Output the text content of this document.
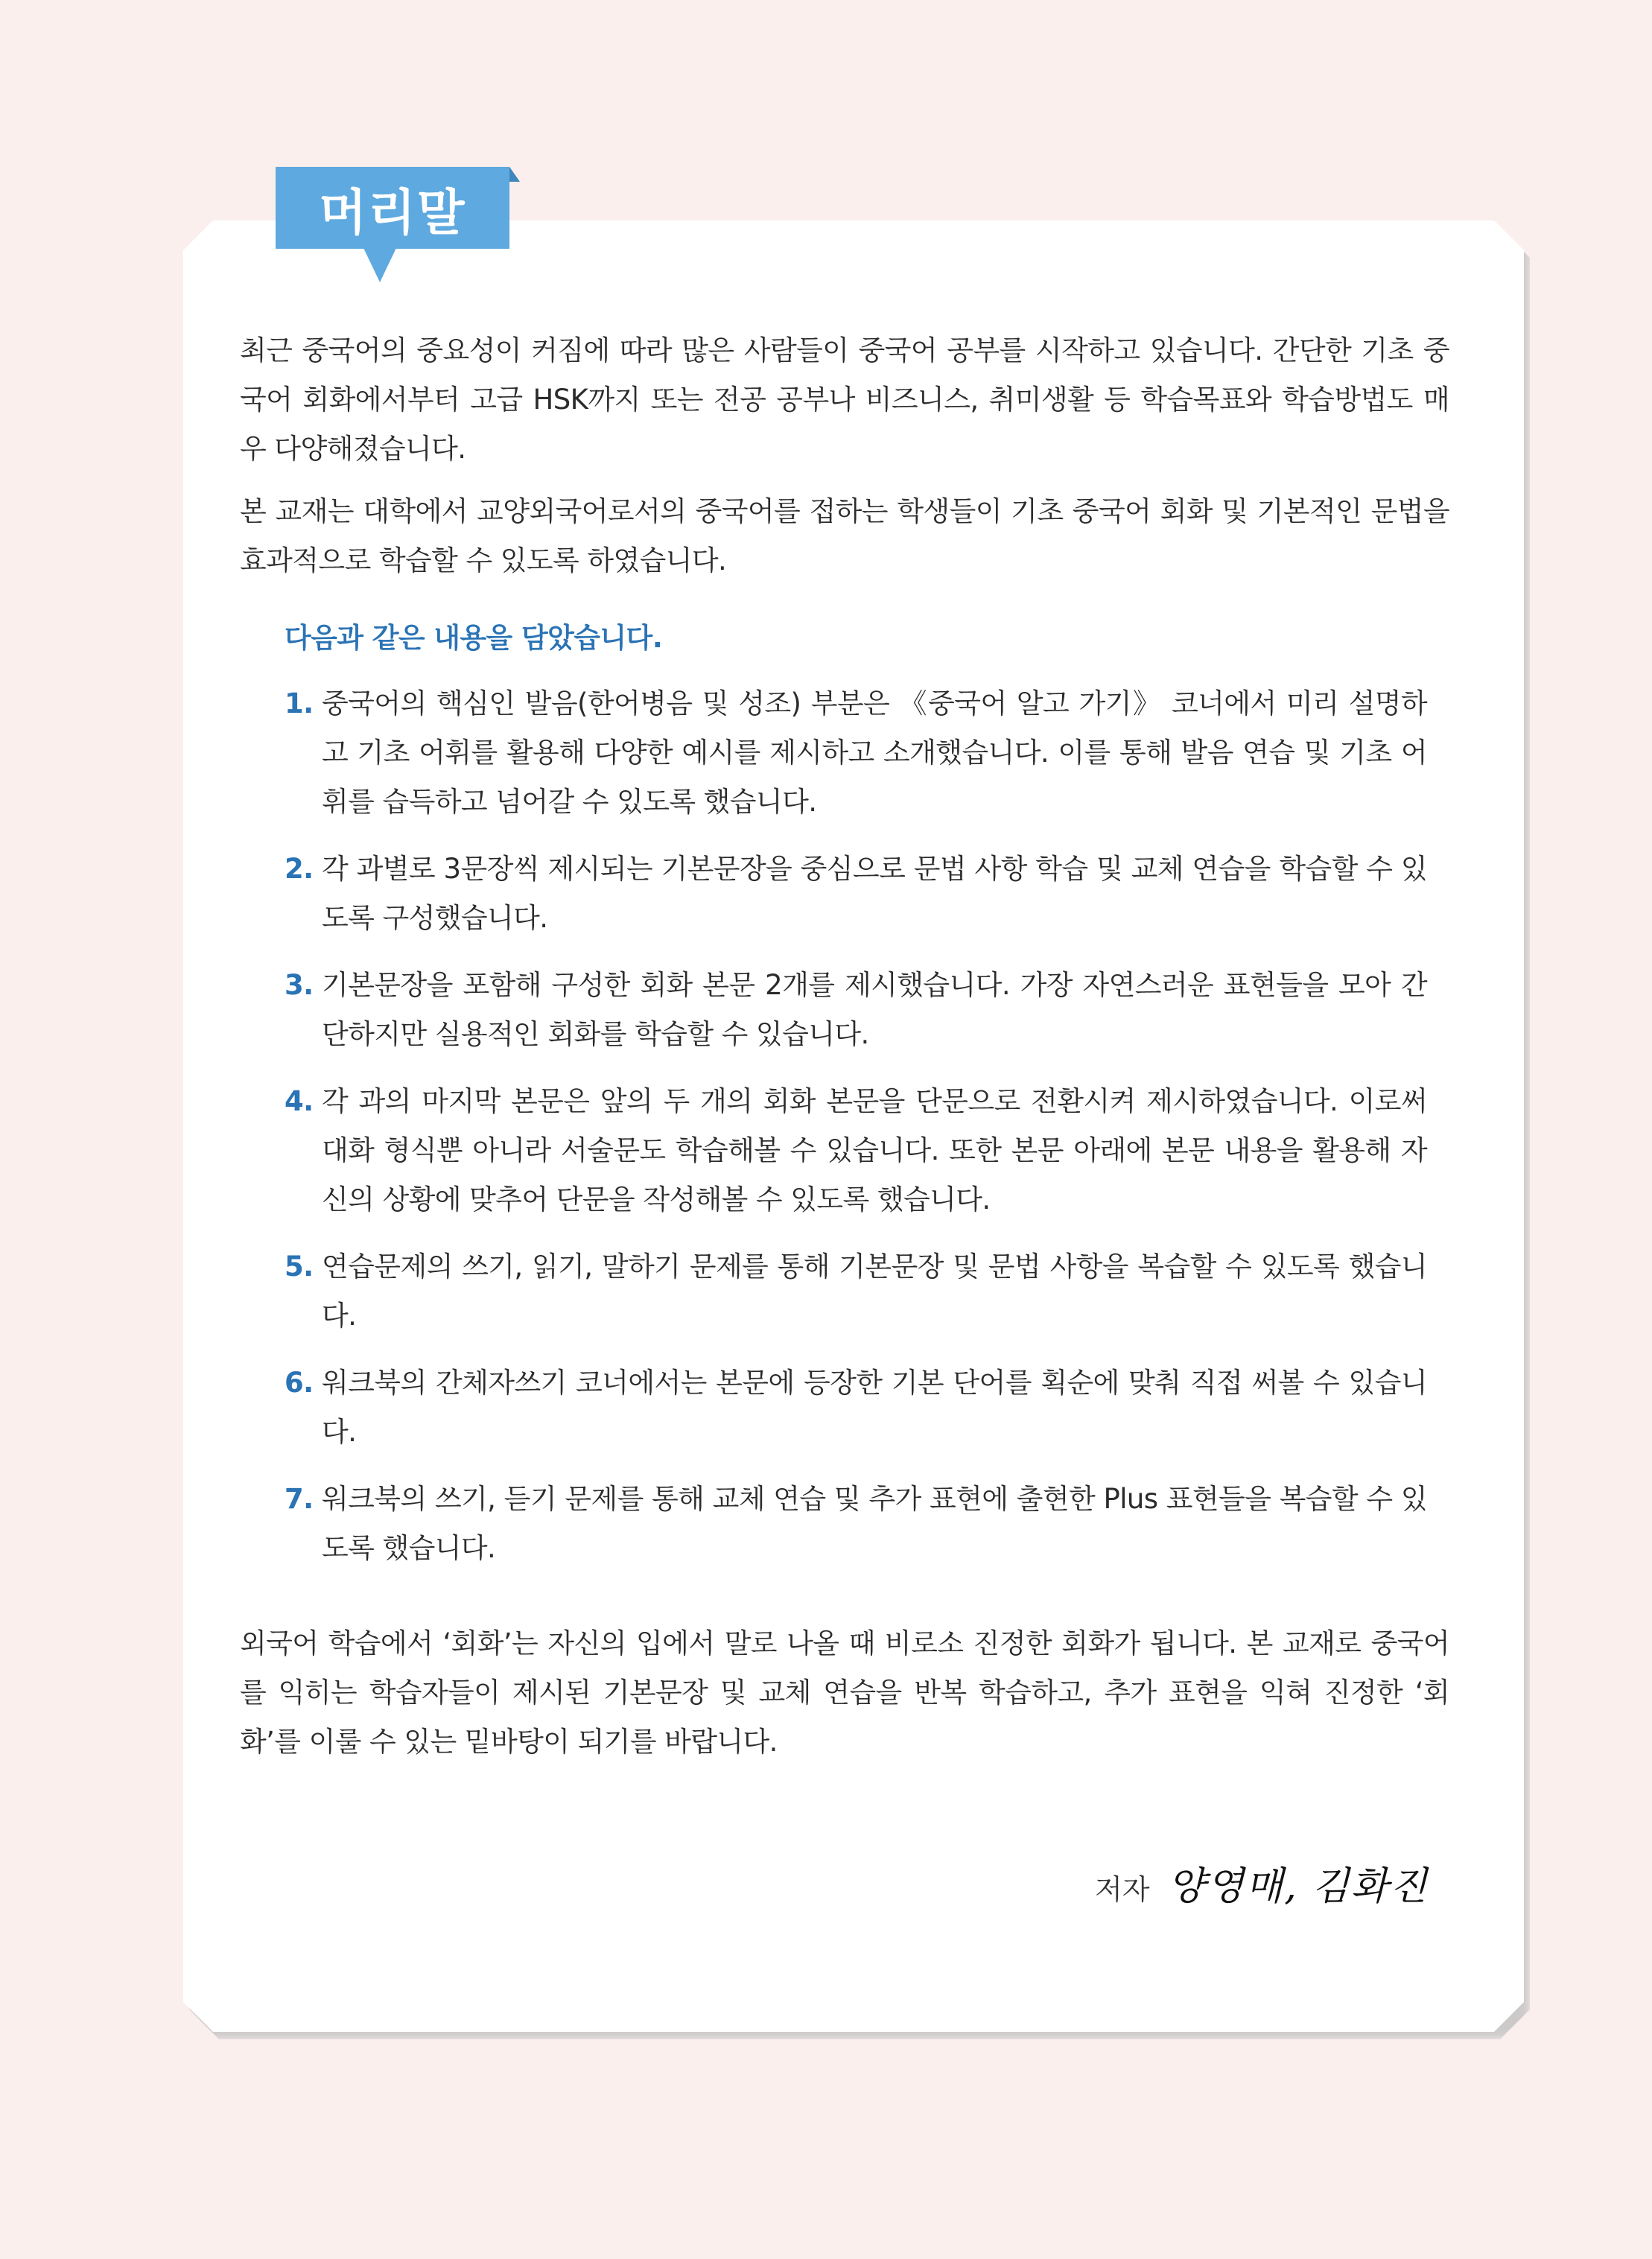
머리말

최근 중국어의 중요성이 커짐에 따라 많은 사람들이 중국어 공부를 시작하고 있습니다. 간단한 기초 중국어 회화에서부터 고급 HSK까지 또는 전공 공부나 비즈니스, 취미생활 등 학습목표와 학습방법도 매우 다양해졌습니다.

본 교재는 대학에서 교양외국어로서의 중국어를 접하는 학생들이 기초 중국어 회화 및 기본적인 문법을 효과적으로 학습할 수 있도록 하였습니다.

다음과 같은 내용을 담았습니다.
1. 중국어의 핵심인 발음(한어병음 및 성조) 부분은 《중국어 알고 가기》 코너에서 미리 설명하고 기초 어휘를 활용해 다양한 예시를 제시하고 소개했습니다. 이를 통해 발음 연습 및 기초 어휘를 습득하고 넘어갈 수 있도록 했습니다.
2. 각 과별로 3문장씩 제시되는 기본문장을 중심으로 문법 사항 학습 및 교체 연습을 학습할 수 있도록 구성했습니다.
3. 기본문장을 포함해 구성한 회화 본문 2개를 제시했습니다. 가장 자연스러운 표현들을 모아 간단하지만 실용적인 회화를 학습할 수 있습니다.
4. 각 과의 마지막 본문은 앞의 두 개의 회화 본문을 단문으로 전환시켜 제시하였습니다. 이로써 대화 형식뿐 아니라 서술문도 학습해볼 수 있습니다. 또한 본문 아래에 본문 내용을 활용해 자신의 상황에 맞추어 단문을 작성해볼 수 있도록 했습니다.
5. 연습문제의 쓰기, 읽기, 말하기 문제를 통해 기본문장 및 문법 사항을 복습할 수 있도록 했습니다.
6. 워크북의 간체자쓰기 코너에서는 본문에 등장한 기본 단어를 획순에 맞춰 직접 써볼 수 있습니다.
7. 워크북의 쓰기, 듣기 문제를 통해 교체 연습 및 추가 표현에 출현한 Plus 표현들을 복습할 수 있도록 했습니다.

외국어 학습에서 ‘회화’는 자신의 입에서 말로 나올 때 비로소 진정한 회화가 됩니다. 본 교재로 중국어를 익히는 학습자들이 제시된 기본문장 및 교체 연습을 반복 학습하고, 추가 표현을 익혀 진정한 ‘회화’를 이룰 수 있는 밑바탕이 되기를 바랍니다.

저자 양영매, 김화진
